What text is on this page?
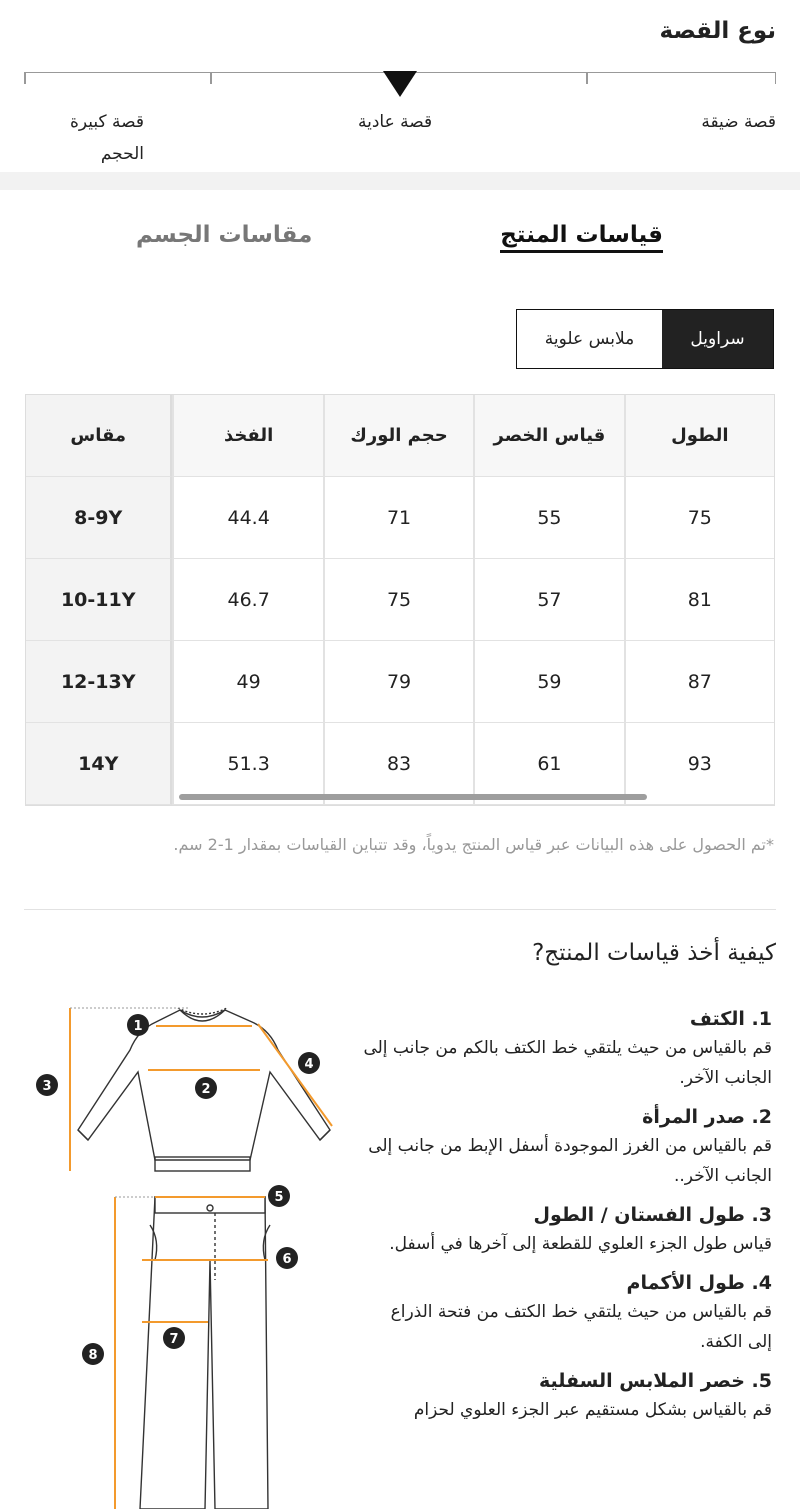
نوع القصة
قصة ضيقة
قصة عادية
قصة كبيرة
الحجم
قياسات المنتج
مقاسات الجسم
سراويل
ملابس علوية
الطول
قياس الخصر
حجم الورك
الفخذ
مقاس
75
55
71
44.4
8-9Y
81
57
75
46.7
10-11Y
87
59
79
49
12-13Y
93
61
83
51.3
14Y
*تم الحصول على هذه البيانات عبر قياس المنتج يدوياً، وقد تتباين القياسات بمقدار 1-2 سم.
كيفية أخذ قياسات المنتج?
1. الكتف

قم بالقياس من حيث يلتقي خط الكتف بالكم من جانب إلى الجانب الآخر.

2. صدر المرأة

قم بالقياس من الغرز الموجودة أسفل الإبط من جانب إلى الجانب الآخر..

3. طول الفستان / الطول

قياس طول الجزء العلوي للقطعة إلى آخرها في أسفل.

4. طول الأكمام

قم بالقياس من حيث يلتقي خط الكتف من فتحة الذراع إلى الكفة.

5. خصر الملابس السفلية

قم بالقياس بشكل مستقيم عبر الجزء العلوي لحزام

1
2
3
4
5
6
7
8
